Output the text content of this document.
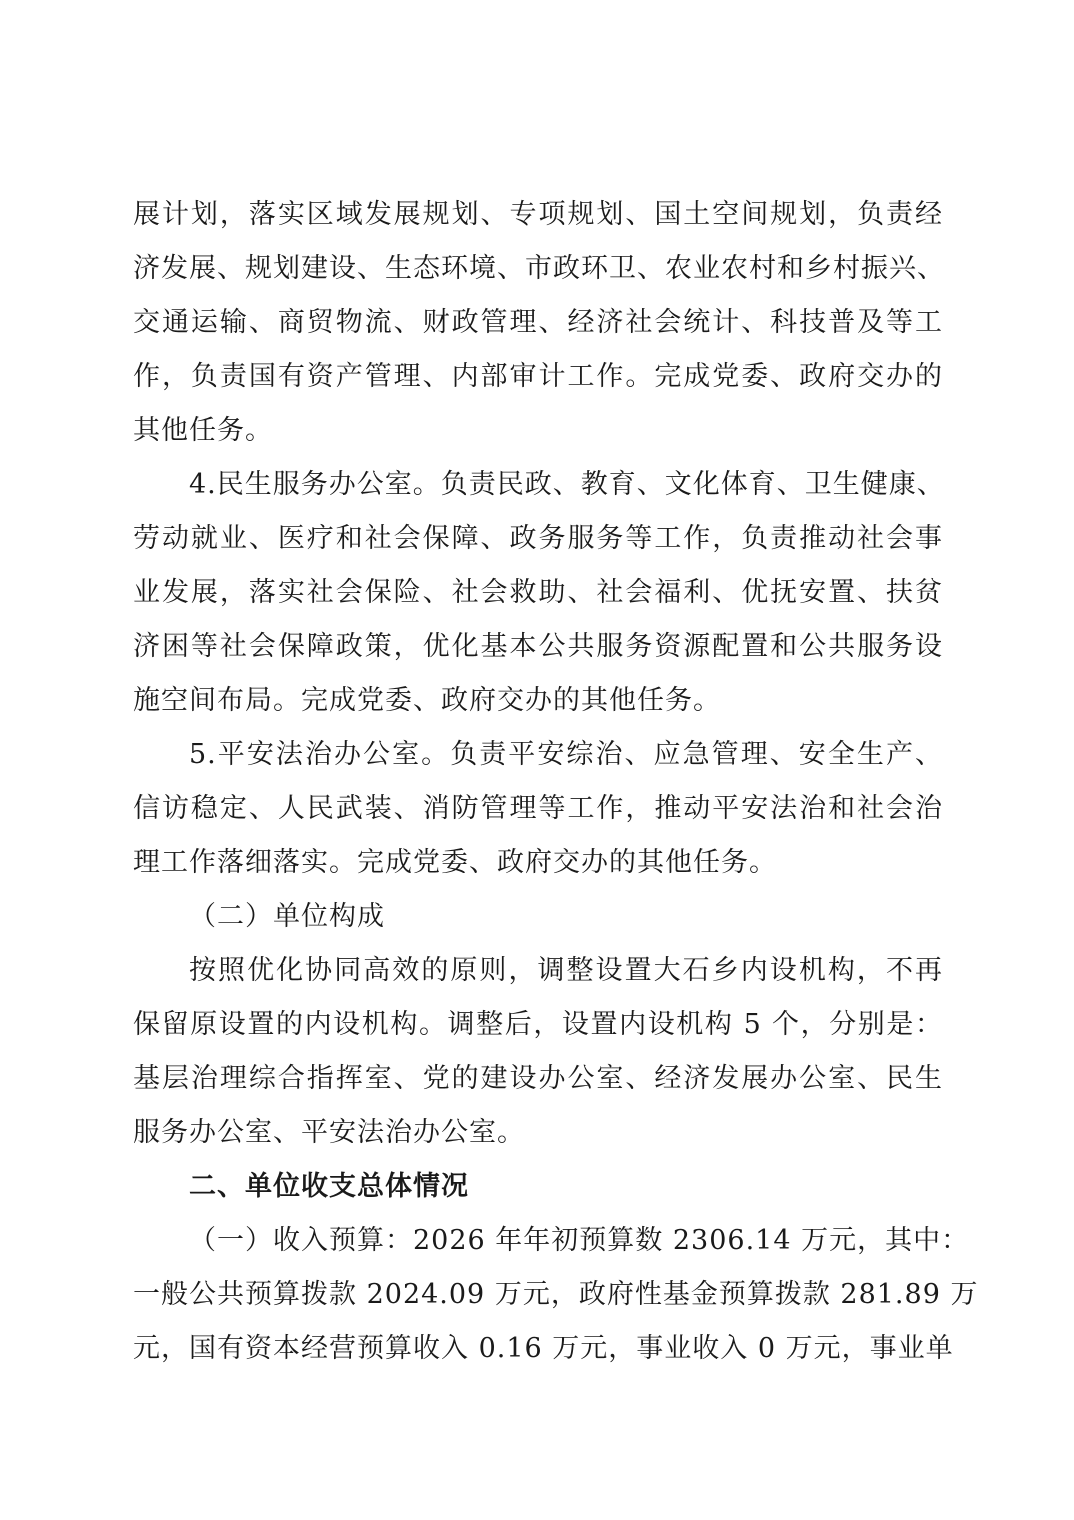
展计划，落实区域发展规划、专项规划、国土空间规划，负责经
济发展、规划建设、生态环境、市政环卫、农业农村和乡村振兴、
交通运输、商贸物流、财政管理、经济社会统计、科技普及等工
作，负责国有资产管理、内部审计工作。完成党委、政府交办的
其他任务。
4.民生服务办公室。负责民政、教育、文化体育、卫生健康、
劳动就业、医疗和社会保障、政务服务等工作，负责推动社会事
业发展，落实社会保险、社会救助、社会福利、优抚安置、扶贫
济困等社会保障政策，优化基本公共服务资源配置和公共服务设
施空间布局。完成党委、政府交办的其他任务。
5.平安法治办公室。负责平安综治、应急管理、安全生产、
信访稳定、人民武装、消防管理等工作，推动平安法治和社会治
理工作落细落实。完成党委、政府交办的其他任务。
（二）单位构成
按照优化协同高效的原则，调整设置大石乡内设机构，不再
保留原设置的内设机构。调整后，设置内设机构 5 个，分别是：
基层治理综合指挥室、党的建设办公室、经济发展办公室、民生
服务办公室、平安法治办公室。
二、单位收支总体情况
（一）收入预算：2026 年年初预算数 2306.14 万元，其中：
一般公共预算拨款 2024.09 万元，政府性基金预算拨款 281.89 万
元，国有资本经营预算收入 0.16 万元，事业收入 0 万元，事业单
